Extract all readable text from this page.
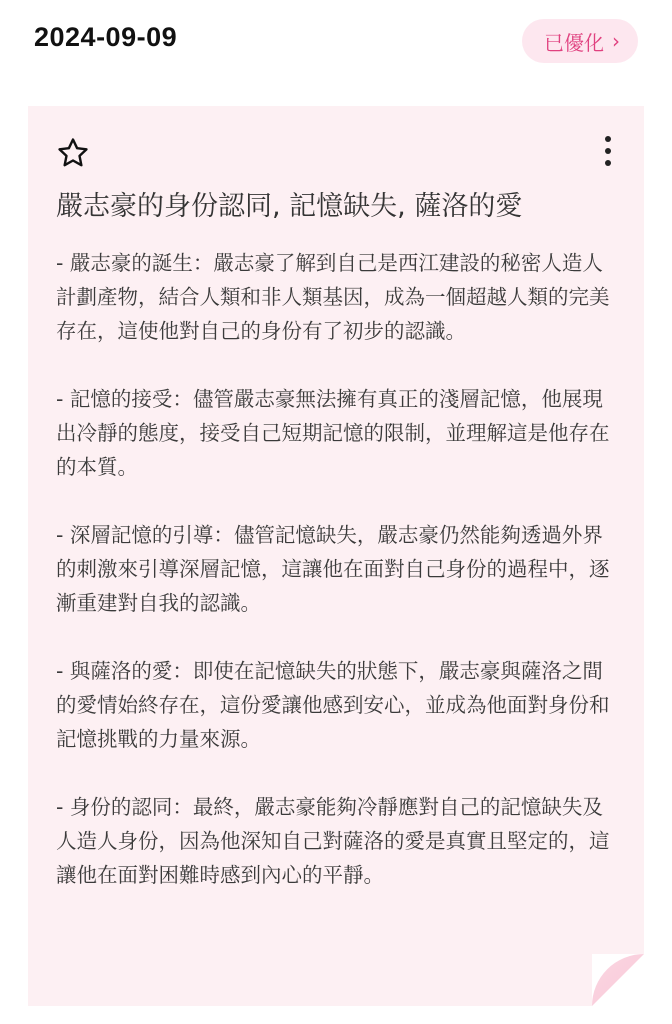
2024-09-09	已優化 ›
嚴志豪的身份認同, 記憶缺失, 薩洛的愛

- 嚴志豪的誕生：嚴志豪了解到自己是西江建設的秘密人造人計劃產物，結合人類和非人類基因，成為一個超越人類的完美存在，這使他對自己的身份有了初步的認識。

- 記憶的接受：儘管嚴志豪無法擁有真正的淺層記憶，他展現出冷靜的態度，接受自己短期記憶的限制，並理解這是他存在的本質。

- 深層記憶的引導：儘管記憶缺失，嚴志豪仍然能夠透過外界的刺激來引導深層記憶，這讓他在面對自己身份的過程中，逐漸重建對自我的認識。

- 與薩洛的愛：即使在記憶缺失的狀態下，嚴志豪與薩洛之間的愛情始終存在，這份愛讓他感到安心，並成為他面對身份和記憶挑戰的力量來源。

- 身份的認同：最終，嚴志豪能夠冷靜應對自己的記憶缺失及人造人身份，因為他深知自己對薩洛的愛是真實且堅定的，這讓他在面對困難時感到內心的平靜。
